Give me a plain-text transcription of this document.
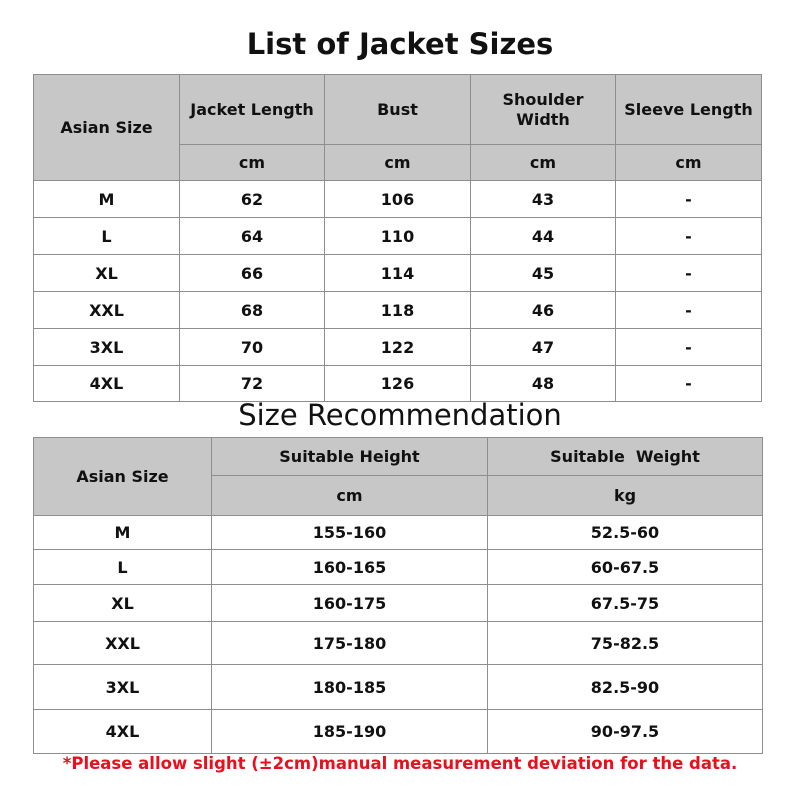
List of Jacket Sizes
Asian Size	Jacket Length	Bust	Shoulder Width	Sleeve Length
	cm	cm	cm	cm
M	62	106	43	-
L	64	110	44	-
XL	66	114	45	-
XXL	68	118	46	-
3XL	70	122	47	-
4XL	72	126	48	-
Size Recommendation
Asian Size	Suitable Height	Suitable  Weight
	cm	kg
M	155-160	52.5-60
L	160-165	60-67.5
XL	160-175	67.5-75
XXL	175-180	75-82.5
3XL	180-185	82.5-90
4XL	185-190	90-97.5
*Please allow slight (±2cm)manual measurement deviation for the data.
